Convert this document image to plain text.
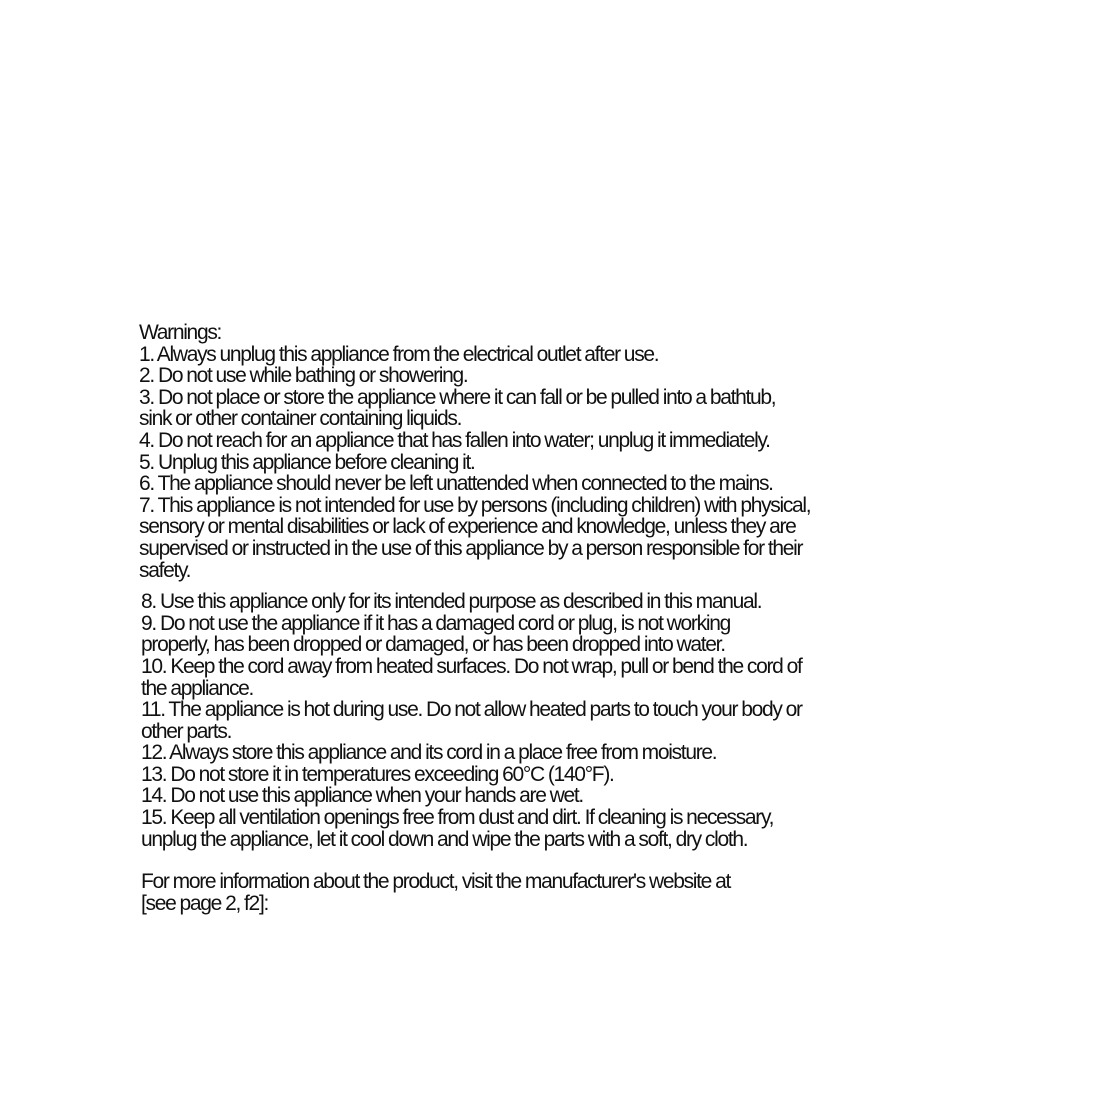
Warnings:
1. Always unplug this appliance from the electrical outlet after use.
2. Do not use while bathing or showering.
3. Do not place or store the appliance where it can fall or be pulled into a bathtub,
sink or other container containing liquids.
4. Do not reach for an appliance that has fallen into water; unplug it immediately.
5. Unplug this appliance before cleaning it.
6. The appliance should never be left unattended when connected to the mains.
7. This appliance is not intended for use by persons (including children) with physical,
sensory or mental disabilities or lack of experience and knowledge, unless they are
supervised or instructed in the use of this appliance by a person responsible for their
safety.
8. Use this appliance only for its intended purpose as described in this manual.
9. Do not use the appliance if it has a damaged cord or plug, is not working
properly, has been dropped or damaged, or has been dropped into water.
10. Keep the cord away from heated surfaces. Do not wrap, pull or bend the cord of
the appliance.
11. The appliance is hot during use. Do not allow heated parts to touch your body or
other parts.
12. Always store this appliance and its cord in a place free from moisture.
13. Do not store it in temperatures exceeding 60°C (140°F).
14. Do not use this appliance when your hands are wet.
15. Keep all ventilation openings free from dust and dirt. If cleaning is necessary,
unplug the appliance, let it cool down and wipe the parts with a soft, dry cloth.
For more information about the product, visit the manufacturer's website at
[see page 2, f2]:
